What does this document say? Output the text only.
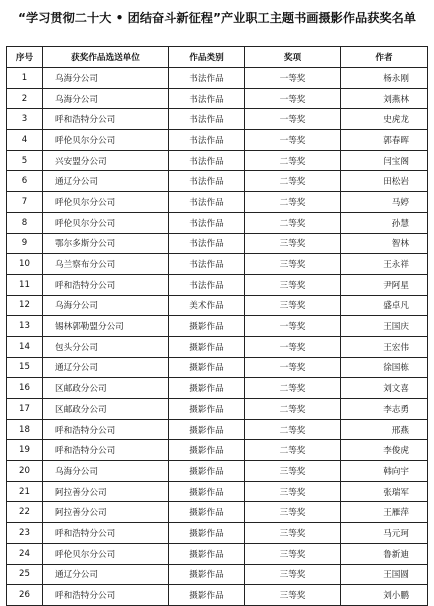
“学习贯彻二十大 • 团结奋斗新征程”产业职工主题书画摄影作品获奖名单
序号	获奖作品选送单位	作品类别	奖项	作者
1	乌海分公司	书法作品	一等奖	杨永刚
2	乌海分公司	书法作品	一等奖	刘燕林
3	呼和浩特分公司	书法作品	一等奖	史虎龙
4	呼伦贝尔分公司	书法作品	一等奖	郭春晖
5	兴安盟分公司	书法作品	二等奖	闫宝阁
6	通辽分公司	书法作品	二等奖	田松岩
7	呼伦贝尔分公司	书法作品	二等奖	马婷
8	呼伦贝尔分公司	书法作品	二等奖	孙慧
9	鄂尔多斯分公司	书法作品	三等奖	智林
10	乌兰察布分公司	书法作品	三等奖	王永祥
11	呼和浩特分公司	书法作品	三等奖	尹阿星
12	乌海分公司	美术作品	三等奖	盛卓凡
13	锡林郭勒盟分公司	摄影作品	一等奖	王国庆
14	包头分公司	摄影作品	一等奖	王宏伟
15	通辽分公司	摄影作品	一等奖	徐国栋
16	区邮政分公司	摄影作品	二等奖	刘文喜
17	区邮政分公司	摄影作品	二等奖	李志勇
18	呼和浩特分公司	摄影作品	二等奖	邢燕
19	呼和浩特分公司	摄影作品	二等奖	李俊虎
20	乌海分公司	摄影作品	三等奖	韩向宇
21	阿拉善分公司	摄影作品	三等奖	张瑞军
22	阿拉善分公司	摄影作品	三等奖	王雁萍
23	呼和浩特分公司	摄影作品	三等奖	马元珂
24	呼伦贝尔分公司	摄影作品	三等奖	鲁新迪
25	通辽分公司	摄影作品	三等奖	王国圆
26	呼和浩特分公司	摄影作品	三等奖	刘小鹏
